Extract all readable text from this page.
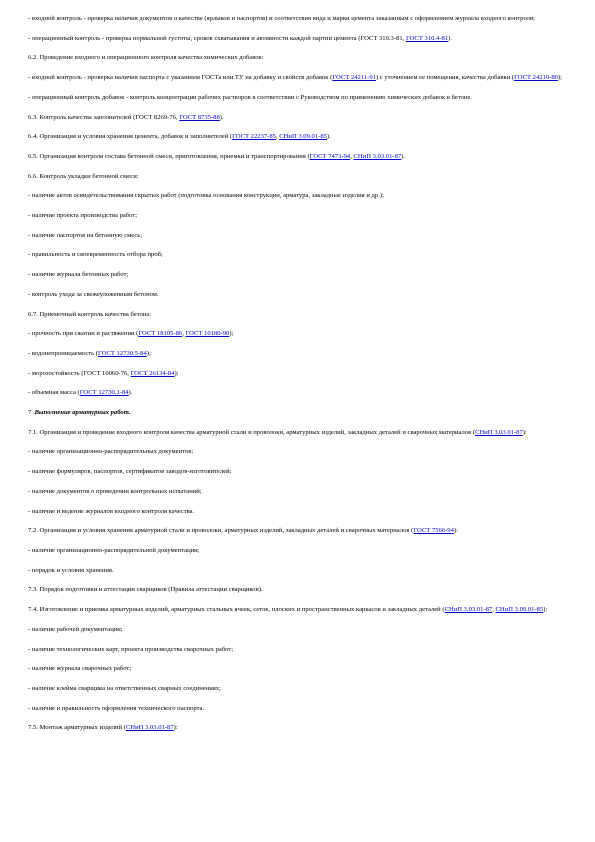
- входной контроль - проверка наличия документов о качестве (ярлыков и паспортов) и соответствия вида и марки цемента заказанным с оформлением журнала входного контроля;

- операционный контроль - проверка нормальной густоты, сроков схватывания и активности каждой партии цемента (ГОСТ 310.3-81, ГОСТ 310.4-81).

6.2. Проведение входного и операционного контроля качества химических добавок:

- входной контроль - проверка наличия паспорта с указанием ГОСТа или ТУ на добавку и свойств добавок (ГОСТ 24211-91) с уточнением ее помещения, качества добавки (ГОСТ 24210-80);

- операционный контроль добавок - контроль концентрации рабочих растворов в соответствии с Руководством по применению химических добавок в бетоне.

6.3. Контроль качества заполнителей (ГОСТ 8269-76, ГОСТ 8735-88).

6.4. Организация и условия хранения цемента, добавок и заполнителей (ГОСТ 22237-85, СНиП 3.09.01-85).

6.5. Организация контроля состава бетонной смеси, приготовления, приемки и транспортирования (ГОСТ 7473-94, СНиП 3.03.01-87).

6.6. Контроль укладки бетонной смеси:

- наличие актов освидетельствования скрытых работ (подготовка основания конструкции, арматура, закладные изделия и др.);

- наличие проекта производства работ;

- наличие паспортов на бетонную смесь;

- правильность и своевременность отбора проб;

- наличие журнала бетонных работ;

- контроль ухода за свежеуложенным бетоном.

6.7. Приемочный контроль качества бетона:

- прочность при сжатии и растяжении (ГОСТ 18105-86, ГОСТ 10180-90);

- водонепроницаемость (ГОСТ 12730.5-84);

- морозостойкость (ГОСТ 10060-76, ГОСТ 26134-84);

- объемная масса (ГОСТ 12730.1-84).

7. Выполнение арматурных работ.

7.1. Организация и проведение входного контроля качества арматурной стали и проволоки, арматурных изделий, закладных деталей и сварочных материалов (СНиП 3.03.01-87):

- наличие организационно-распорядительных документов;

- наличие формуляров, паспортов, сертификатов заводов-изготовителей;

- наличие документов о проведении контрольных испытаний;

- наличие и ведение журналов входного контроля качества.

7.2. Организация и условия хранения арматурной стали и проволоки, арматурных изделий, закладных деталей и сварочных материалов (ГОСТ 7566-94):

- наличие организационно-распорядительной документации;

- порядок и условия хранения.

7.3. Порядок подготовки и аттестации сварщиков (Правила аттестации сварщиков).

7.4. Изготовление и приемка арматурных изделий, арматурных стальных ячеек, сеток, плоских и пространственных каркасов и закладных деталей (СНиП 3.03.01-87, СНиП 3.09.01-85):

- наличие рабочей документации;

- наличие технологических карт, проекта производства сварочных работ;

- наличие журнала сварочных работ;

- наличие клейма сварщика на ответственных сварных соединениях;

- наличие и правильность оформления технического паспорта.

7.5. Монтаж арматурных изделий (СНиП 3.03.01-87):
